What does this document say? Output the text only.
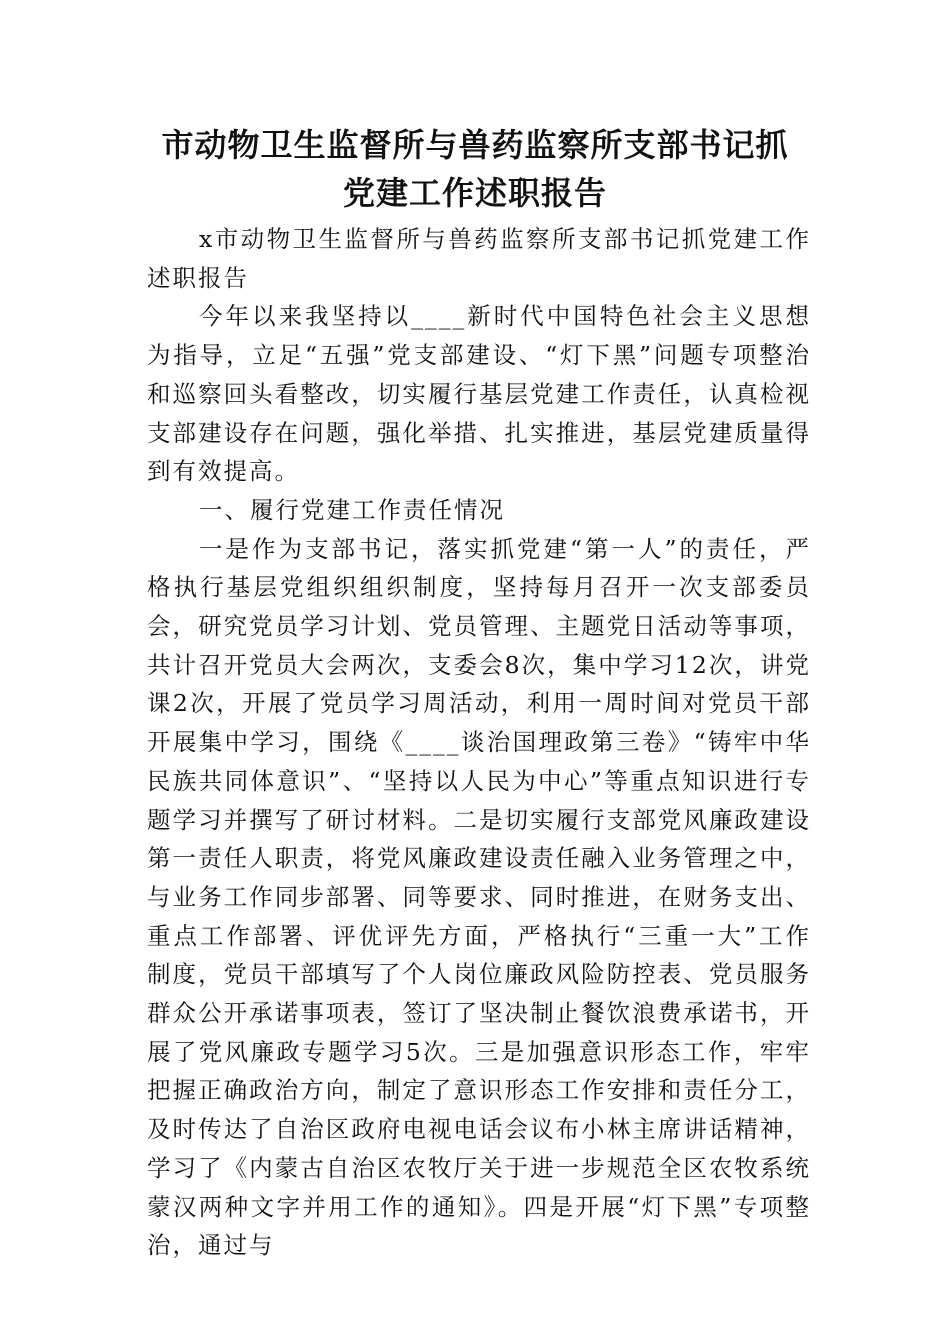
市动物卫生监督所与兽药监察所支部书记抓
党建工作述职报告

x市动物卫生监督所与兽药监察所支部书记抓党建工作述职报告

今年以来我坚持以____新时代中国特色社会主义思想为指导，立足“五强”党支部建设、“灯下黑”问题专项整治和巡察回头看整改，切实履行基层党建工作责任，认真检视支部建设存在问题，强化举措、扎实推进，基层党建质量得到有效提高。

一、履行党建工作责任情况

一是作为支部书记，落实抓党建“第一人”的责任，严格执行基层党组织组织制度，坚持每月召开一次支部委员会，研究党员学习计划、党员管理、主题党日活动等事项，共计召开党员大会两次，支委会8次，集中学习12次，讲党课2次，开展了党员学习周活动，利用一周时间对党员干部开展集中学习，围绕《____谈治国理政第三卷》“铸牢中华民族共同体意识”、“坚持以人民为中心”等重点知识进行专题学习并撰写了研讨材料。二是切实履行支部党风廉政建设第一责任人职责，将党风廉政建设责任融入业务管理之中，与业务工作同步部署、同等要求、同时推进，在财务支出、重点工作部署、评优评先方面，严格执行“三重一大”工作制度，党员干部填写了个人岗位廉政风险防控表、党员服务群众公开承诺事项表，签订了坚决制止餐饮浪费承诺书，开展了党风廉政专题学习5次。三是加强意识形态工作，牢牢把握正确政治方向，制定了意识形态工作安排和责任分工，及时传达了自治区政府电视电话会议布小林主席讲话精神，学习了《内蒙古自治区农牧厅关于进一步规范全区农牧系统蒙汉两种文字并用工作的通知》。四是开展“灯下黑”专项整治，通过与
